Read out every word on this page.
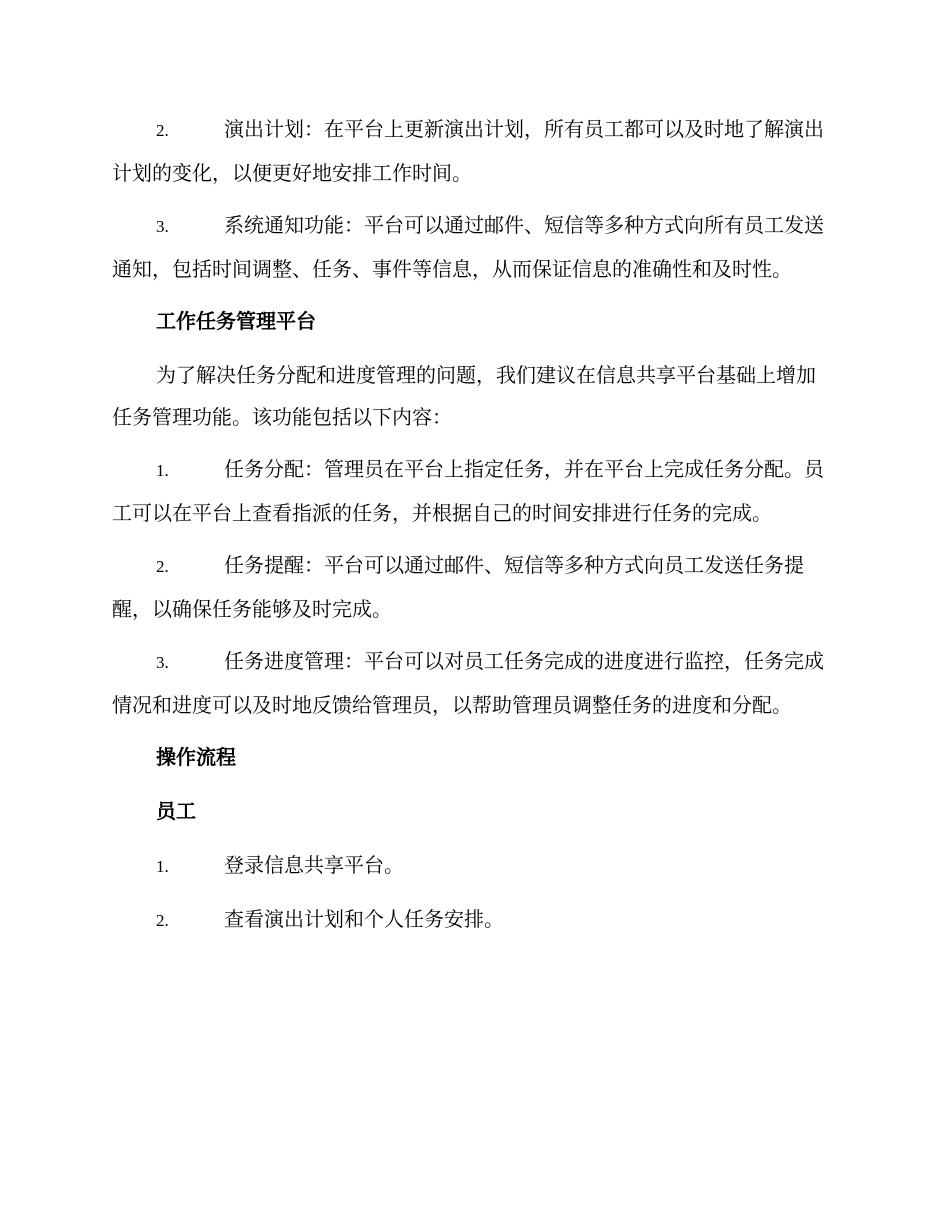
2.	演出计划：在平台上更新演出计划，所有员工都可以及时地了解演出计划的变化，以便更好地安排工作时间。

3.	系统通知功能：平台可以通过邮件、短信等多种方式向所有员工发送通知，包括时间调整、任务、事件等信息，从而保证信息的准确性和及时性。

工作任务管理平台

为了解决任务分配和进度管理的问题，我们建议在信息共享平台基础上增加任务管理功能。该功能包括以下内容：

1.	任务分配：管理员在平台上指定任务，并在平台上完成任务分配。员工可以在平台上查看指派的任务，并根据自己的时间安排进行任务的完成。

2.	任务提醒：平台可以通过邮件、短信等多种方式向员工发送任务提醒，以确保任务能够及时完成。

3.	任务进度管理：平台可以对员工任务完成的进度进行监控，任务完成情况和进度可以及时地反馈给管理员，以帮助管理员调整任务的进度和分配。

操作流程
员工

1.	登录信息共享平台。

2.	查看演出计划和个人任务安排。
